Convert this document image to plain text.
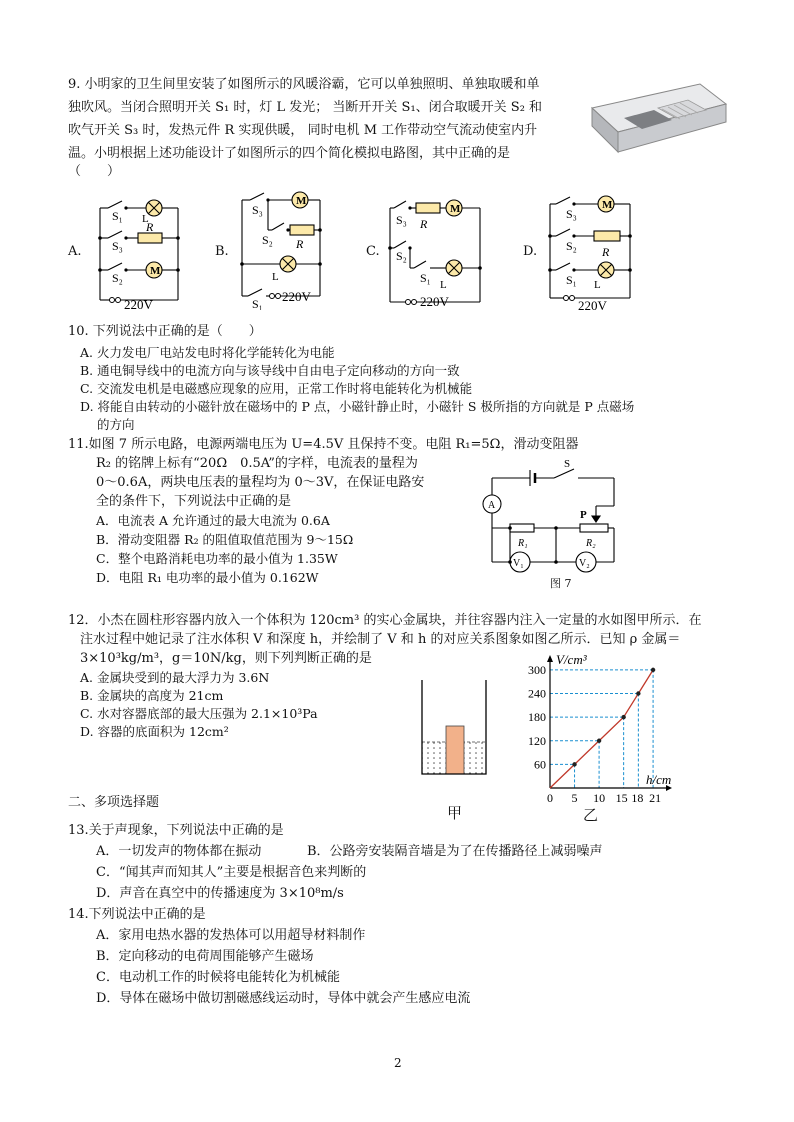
9. 小明家的卫生间里安装了如图所示的风暖浴霸，它可以单独照明、单独取暖和单
独吹风。当闭合照明开关 S₁ 时，灯 L 发光； 当断开开关 S₁、闭合取暖开关 S₂ 和
吹气开关 S₃ 时，发热元件 R 实现供暖， 同时电机 M 工作带动空气流动使室内升
温。小明根据上述功能设计了如图所示的四个简化模拟电路图，其中正确的是
（　　）
A.
M
S₁ L
S₃
R
S₂
220V
B.
M
S₃
S₂ R
L
S₁ 220V
C.
M
S₃ R
S₂
S₁ L
220V
D.
M
S₃
S₂ R
S₁ L
220V
10. 下列说法中正确的是（　　）
A. 火力发电厂电站发电时将化学能转化为电能
B. 通电铜导线中的电流方向与该导线中自由电子定向移动的方向一致
C. 交流发电机是电磁感应现象的应用，正常工作时将电能转化为机械能
D. 将能自由转动的小磁针放在磁场中的 P 点，小磁针静止时，小磁针 S 极所指的方向就是 P 点磁场
的方向
11.如图 7 所示电路，电源两端电压为 U=4.5V 且保持不变。电阻 R₁=5Ω，滑动变阻器
R₂ 的铭牌上标有“20Ω　0.5A”的字样，电流表的量程为
0～0.6A，两块电压表的量程均为 0～3V，在保证电路安
全的条件下，下列说法中正确的是
A．电流表 A 允许通过的最大电流为 0.6A
B．滑动变阻器 R₂ 的阻值取值范围为 9～15Ω
C．整个电路消耗电功率的最小值为 1.35W
D．电阻 R₁ 电功率的最小值为 0.162W
S
A
P
R₁	R₂
V₁	V₂
图 7
12．小杰在圆柱形容器内放入一个体积为 120cm³ 的实心金属块，并往容器内注入一定量的水如图甲所示．在
注水过程中她记录了注水体积 V 和深度 h，并绘制了 V 和 h 的对应关系图象如图乙所示．已知 ρ 金属＝
3×10³kg/m³，g＝10N/kg，则下列判断正确的是
A. 金属块受到的最大浮力为 3.6N
B. 金属块的高度为 21cm
C. 水对容器底部的最大压强为 2.1×10³Pa
D. 容器的底面积为 12cm²
甲
60
120
180
240
300
0 5 10 15 18 21
V/cm³
h/cm
乙
二、多项选择题
13.关于声现象，下列说法中正确的是
A．一切发声的物体都在振动	B．公路旁安装隔音墙是为了在传播路径上减弱噪声
C．“闻其声而知其人”主要是根据音色来判断的
D．声音在真空中的传播速度为 3×10⁸m/s
14.下列说法中正确的是
A．家用电热水器的发热体可以用超导材料制作
B．定向移动的电荷周围能够产生磁场
C．电动机工作的时候将电能转化为机械能
D．导体在磁场中做切割磁感线运动时，导体中就会产生感应电流
2
